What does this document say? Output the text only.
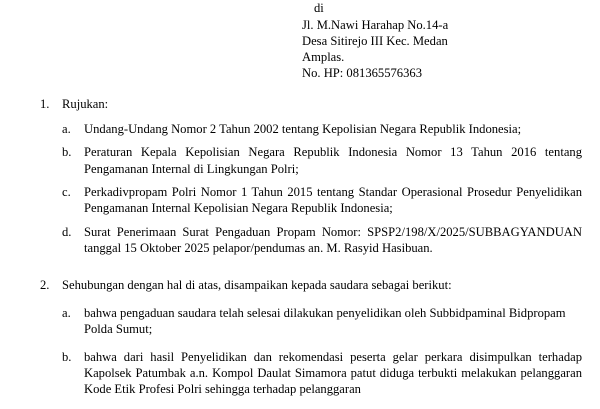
di
Jl. M.Nawi Harahap No.14-a
Desa Sitirejo III Kec. Medan
Amplas.
No. HP: 081365576363
1. Rujukan:

a.	Undang-Undang Nomor 2 Tahun 2002 tentang Kepolisian Negara Republik Indonesia;
b. Peraturan Kepala Kepolisian Negara Republik Indonesia Nomor 13 Tahun 2016 tentang Pengamanan Internal di Lingkungan Polri;
c.	Perkadivpropam Polri Nomor 1 Tahun 2015 tentang Standar Operasional Prosedur Penyelidikan Pengamanan Internal Kepolisian Negara Republik Indonesia;
d. Surat Penerimaan Surat Pengaduan Propam Nomor: SPSP2/198/X/2025/SUBBAGYANDUAN tanggal 15 Oktober 2025 pelapor/pendumas an. M. Rasyid Hasibuan.
2. Sehubungan dengan hal di atas, disampaikan kepada saudara sebagai berikut:

a.	bahwa pengaduan saudara telah selesai dilakukan penyelidikan oleh Subbidpaminal Bidpropam Polda Sumut;
b. bahwa dari hasil Penyelidikan dan rekomendasi peserta gelar perkara disimpulkan terhadap Kapolsek Patumbak a.n. Kompol Daulat Simamora patut diduga terbukti melakukan pelanggaran Kode Etik Profesi Polri sehingga terhadap pelanggaran
